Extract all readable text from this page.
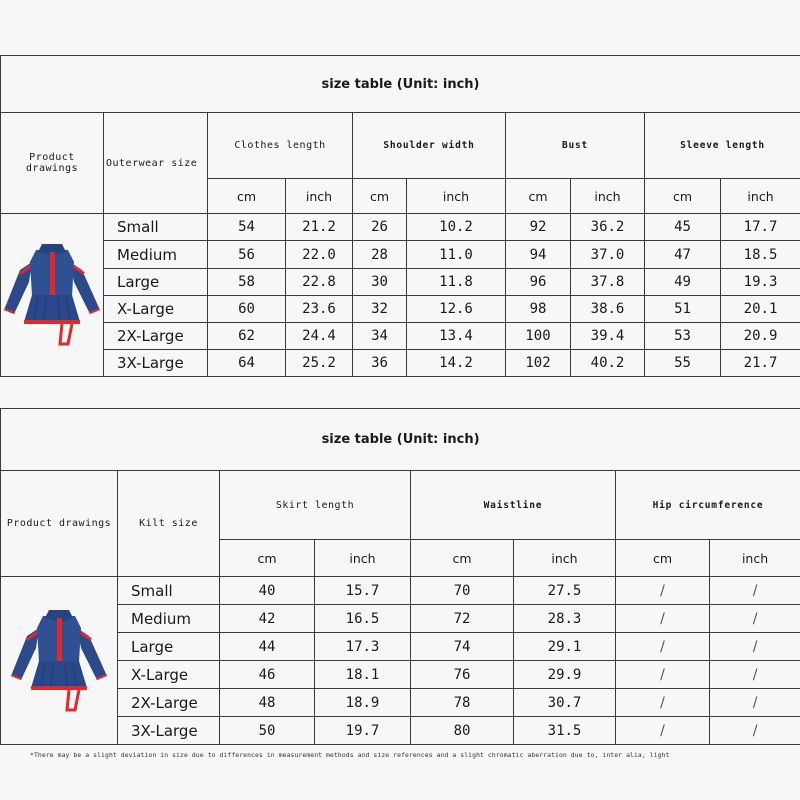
size table (Unit: inch)									
Product drawings	Outerwear size	Clothes length		Shoulder width		Bust		Sleeve length	
		cm	inch	cm	inch	cm	inch	cm	inch

	Small	54	21.2	26	10.2	92	36.2	45	17.7
	Medium	56	22.0	28	11.0	94	37.0	47	18.5
	Large	58	22.8	30	11.8	96	37.8	49	19.3
	X-Large	60	23.6	32	12.6	98	38.6	51	20.1
	2X-Large	62	24.4	34	13.4	100	39.4	53	20.9
	3X-Large	64	25.2	36	14.2	102	40.2	55	21.7
size table (Unit: inch)							
Product drawings	Kilt size	Skirt length		Waistline		Hip circumference	
		cm	inch	cm	inch	cm	inch

	Small	40	15.7	70	27.5	/	/
	Medium	42	16.5	72	28.3	/	/
	Large	44	17.3	74	29.1	/	/
	X-Large	46	18.1	76	29.9	/	/
	2X-Large	48	18.9	78	30.7	/	/
	3X-Large	50	19.7	80	31.5	/	/
*There may be a slight deviation in size due to differences in measurement methods and size references and a slight chromatic aberration due to, inter alia, light
